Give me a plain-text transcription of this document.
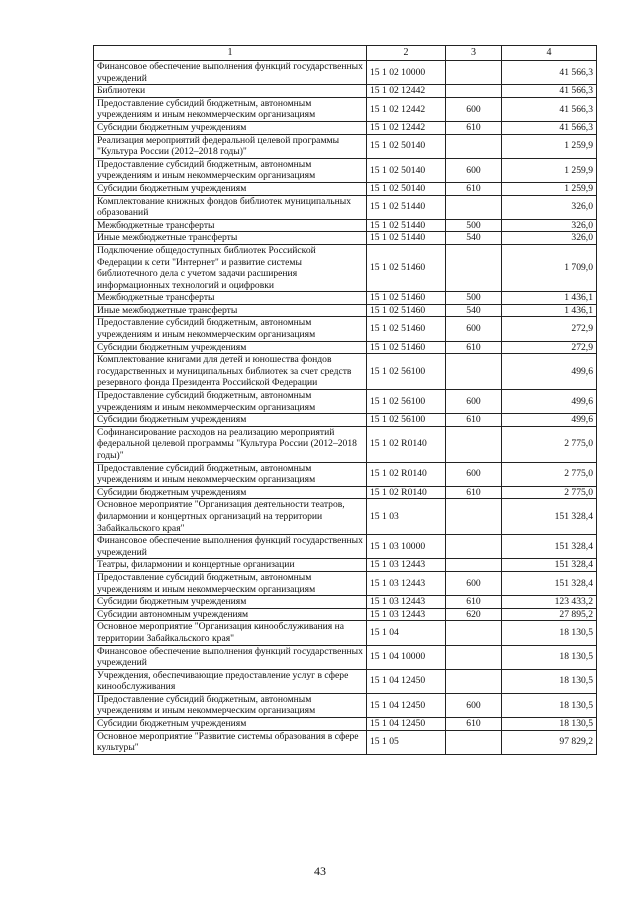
1	2	3	4
Финансовое обеспечение выполнения функций государственных учреждений	15 1 02 10000		41 566,3
Библиотеки	15 1 02 12442		41 566,3
Предоставление субсидий бюджетным, автономным учреждениям и иным некоммерческим организациям	15 1 02 12442	600	41 566,3
Субсидии бюджетным учреждениям	15 1 02 12442	610	41 566,3
Реализация мероприятий федеральной целевой программы "Культура России (2012–2018 годы)"	15 1 02 50140		1 259,9
Предоставление субсидий бюджетным, автономным учреждениям и иным некоммерческим организациям	15 1 02 50140	600	1 259,9
Субсидии бюджетным учреждениям	15 1 02 50140	610	1 259,9
Комплектование книжных фондов библиотек муниципальных образований	15 1 02 51440		326,0
Межбюджетные трансферты	15 1 02 51440	500	326,0
Иные межбюджетные трансферты	15 1 02 51440	540	326,0
Подключение общедоступных библиотек Российской Федерации к сети "Интернет" и развитие системы библиотечного дела с учетом задачи расширения информационных технологий и оцифровки	15 1 02 51460		1 709,0
Межбюджетные трансферты	15 1 02 51460	500	1 436,1
Иные межбюджетные трансферты	15 1 02 51460	540	1 436,1
Предоставление субсидий бюджетным, автономным учреждениям и иным некоммерческим организациям	15 1 02 51460	600	272,9
Субсидии бюджетным учреждениям	15 1 02 51460	610	272,9
Комплектование книгами для детей и юношества фондов государственных и муниципальных библиотек за счет средств резервного фонда Президента Российской Федерации	15 1 02 56100		499,6
Предоставление субсидий бюджетным, автономным учреждениям и иным некоммерческим организациям	15 1 02 56100	600	499,6
Субсидии бюджетным учреждениям	15 1 02 56100	610	499,6
Софинансирование расходов на реализацию мероприятий федеральной целевой программы "Культура России (2012–2018 годы)"	15 1 02 R0140		2 775,0
Предоставление субсидий бюджетным, автономным учреждениям и иным некоммерческим организациям	15 1 02 R0140	600	2 775,0
Субсидии бюджетным учреждениям	15 1 02 R0140	610	2 775,0
Основное мероприятие "Организация деятельности театров, филармонии и концертных организаций на территории Забайкальского края"	15 1 03		151 328,4
Финансовое обеспечение выполнения функций государственных учреждений	15 1 03 10000		151 328,4
Театры, филармонии и концертные организации	15 1 03 12443		151 328,4
Предоставление субсидий бюджетным, автономным учреждениям и иным некоммерческим организациям	15 1 03 12443	600	151 328,4
Субсидии бюджетным учреждениям	15 1 03 12443	610	123 433,2
Субсидии автономным учреждениям	15 1 03 12443	620	27 895,2
Основное мероприятие "Организация кинообслуживания на территории Забайкальского края"	15 1 04		18 130,5
Финансовое обеспечение выполнения функций государственных учреждений	15 1 04 10000		18 130,5
Учреждения, обеспечивающие предоставление услуг в сфере кинообслуживания	15 1 04 12450		18 130,5
Предоставление субсидий бюджетным, автономным учреждениям и иным некоммерческим организациям	15 1 04 12450	600	18 130,5
Субсидии бюджетным учреждениям	15 1 04 12450	610	18 130,5
Основное мероприятие "Развитие системы образования в сфере культуры"	15 1 05		97 829,2
43
